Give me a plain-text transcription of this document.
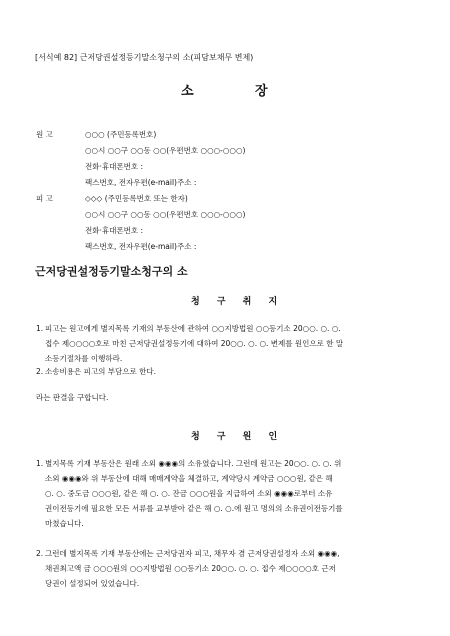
[서식예 82] 근저당권설정등기말소청구의 소(피담보채무 변제)
소	장
원 고	○○○ (주민등록번호)
○○시 ○○구 ○○동 ○○(우편번호 ○○○-○○○)
전화·휴대폰번호 :
팩스번호, 전자우편(e-mail)주소 :
피 고	◇◇◇ (주민등록번호 또는 한자)
○○시 ○○구 ○○동 ○○(우편번호 ○○○-○○○)
전화·휴대폰번호 :
팩스번호, 전자우편(e-mail)주소 :
근저당권설정등기말소청구의 소
청 구 취 지
1. 피고는 원고에게 별지목록 기재의 부동산에 관하여 ○○지방법원 ○○등기소 20○○. ○. ○.
접수 제○○○○호로 마친 근저당권설정등기에 대하여 20○○. ○. ○. 변제를 원인으로 한 말
소등기절차를 이행하라.
2. 소송비용은 피고의 부담으로 한다.
라는 판결을 구합니다.
청 구 원 인
1. 별지목록 기재 부동산은 원래 소외 ◉◉◉의 소유였습니다. 그런데 원고는 20○○. ○. ○. 위
소외 ◉◉◉와 위 부동산에 대해 매매계약을 체결하고, 계약당시 계약금 ○○○원, 같은 해
○. ○. 중도금 ○○○원, 같은 해 ○. ○. 잔금 ○○○원을 지급하여 소외 ◉◉◉로부터 소유
권이전등기에 필요한 모든 서류를 교부받아 같은 해 ○. ○.에 원고 명의의 소유권이전등기를
마쳤습니다.
2. 그런데 별지목록 기재 부동산에는 근저당권자 피고, 채무자 겸 근저당권설정자 소외 ◉◉◉,
채권최고액 금 ○○○원의 ○○지방법원 ○○등기소 20○○. ○. ○. 접수 제○○○○호 근저
당권이 설정되어 있었습니다.
